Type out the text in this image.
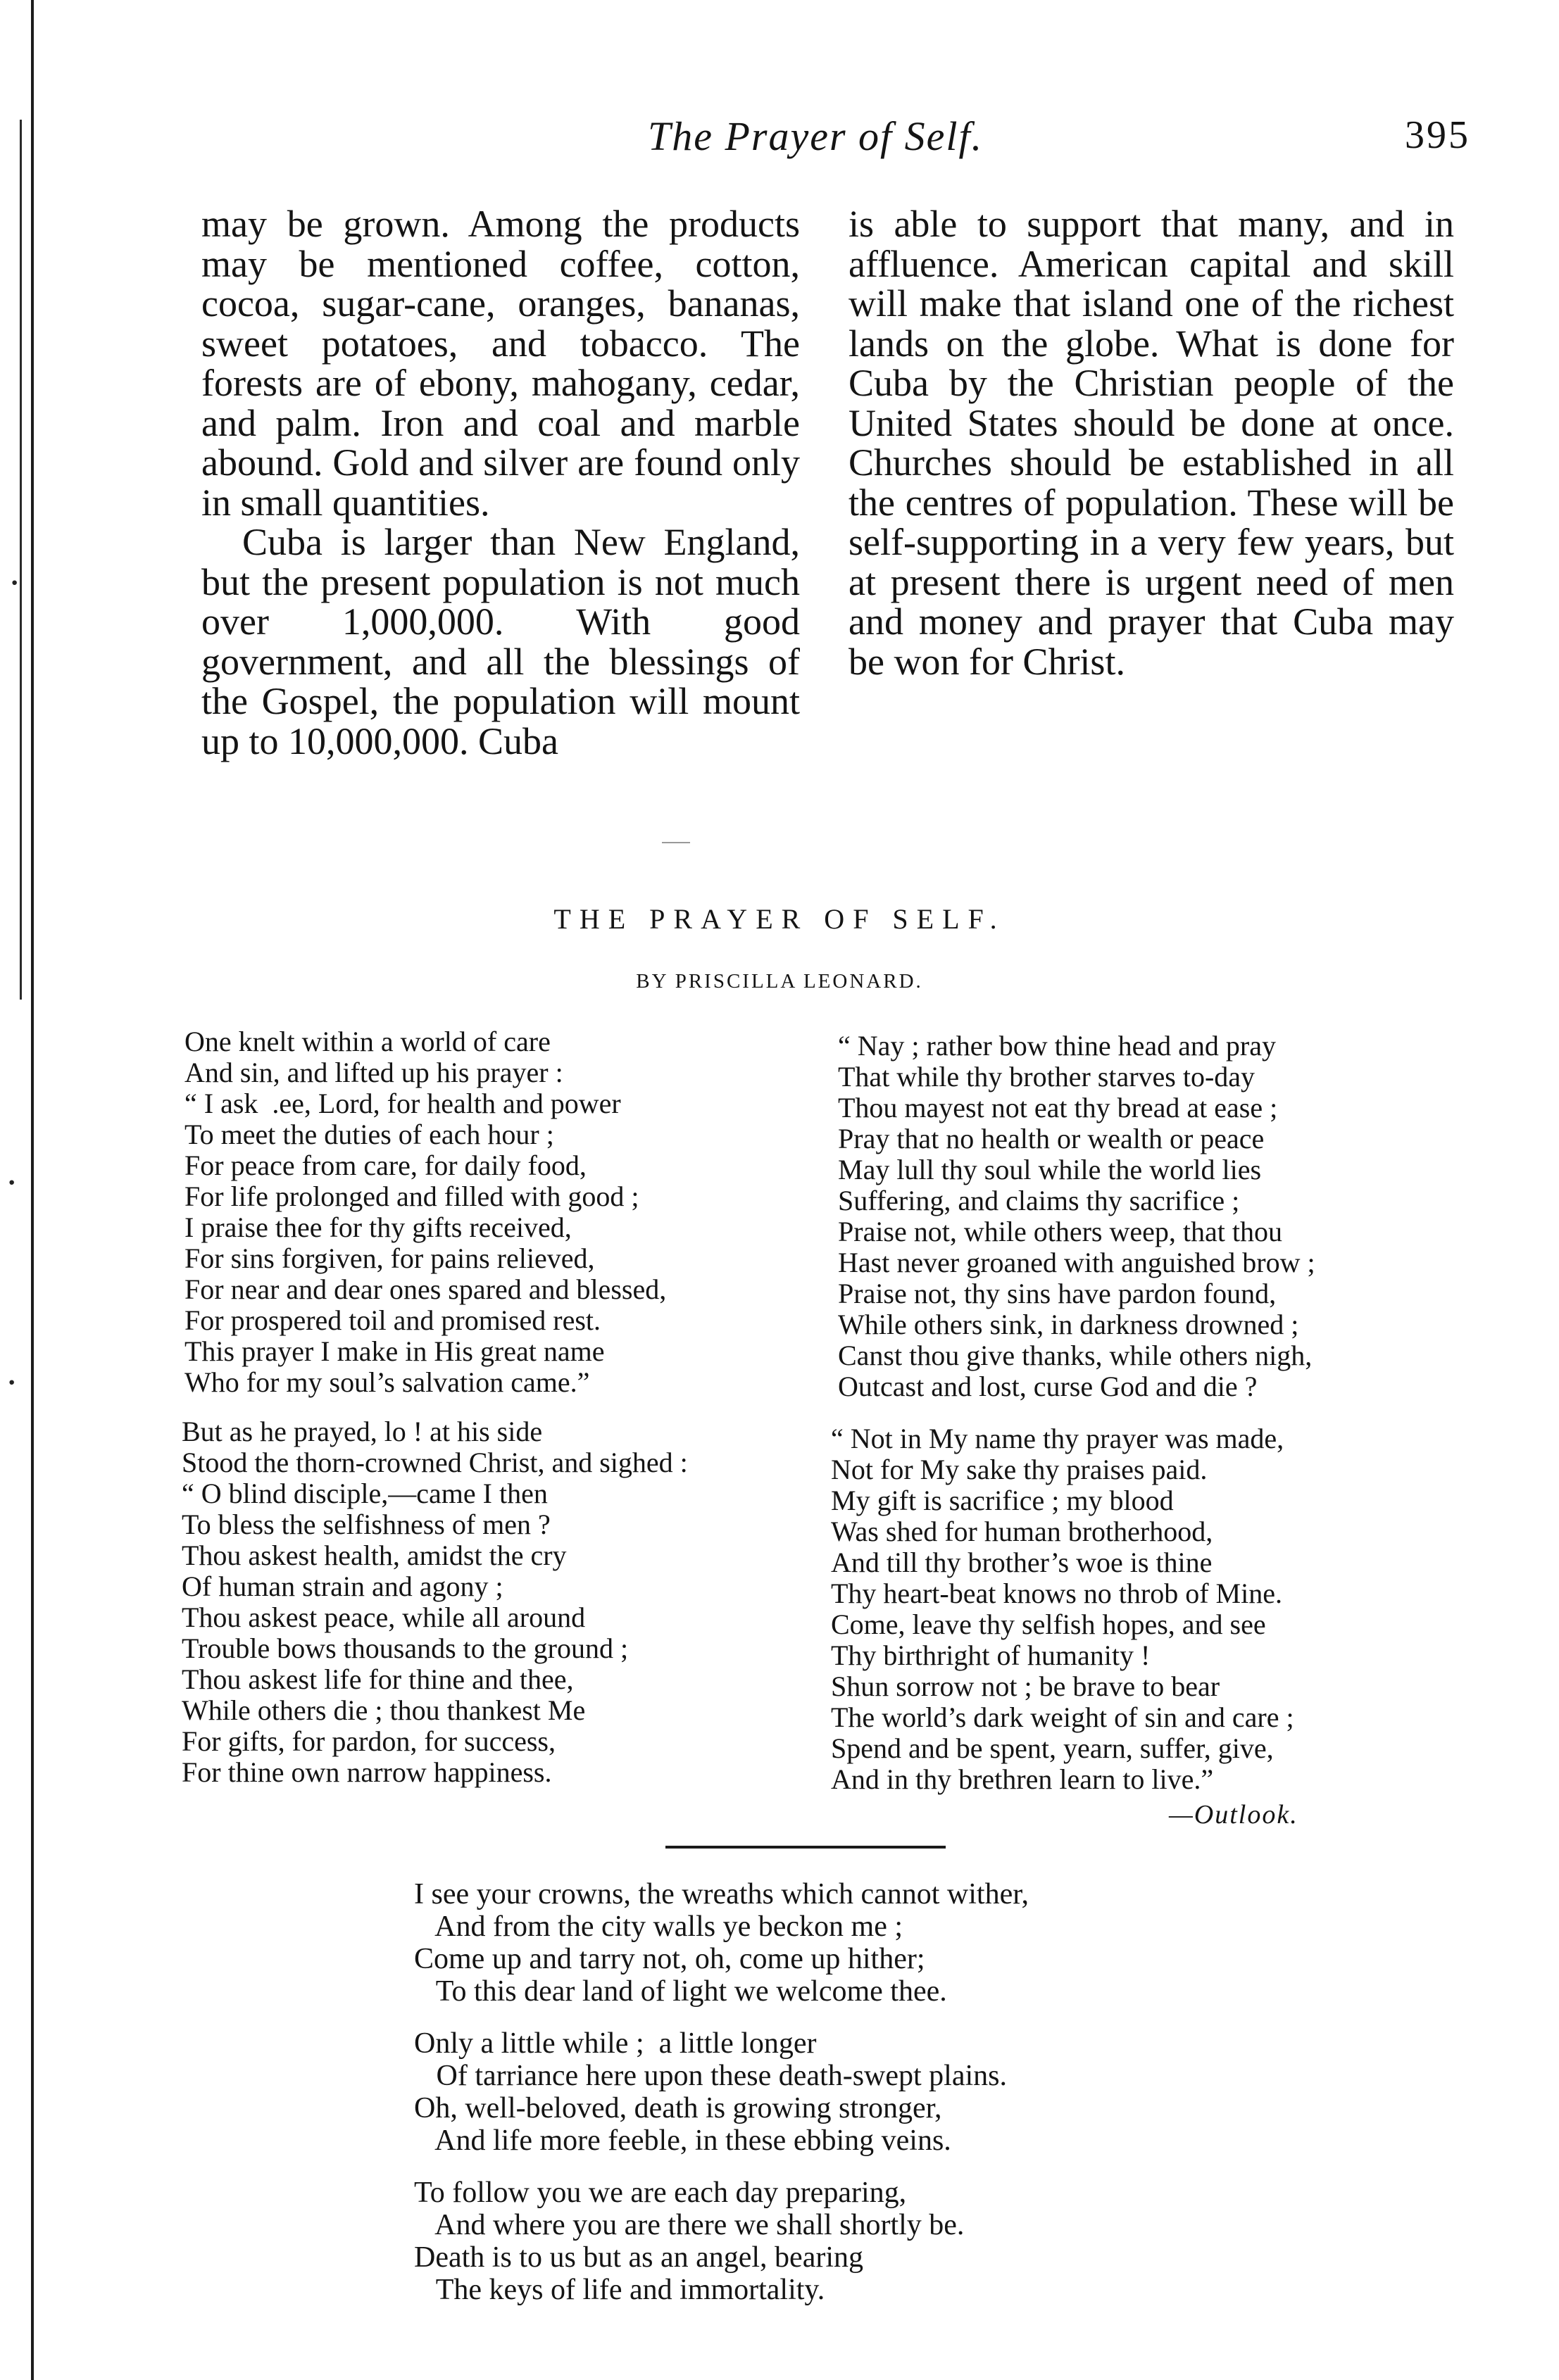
·
·
·
The Prayer of Self.	395

may be grown. Among the products may be mentioned coffee, cotton, cocoa, sugar-cane, oranges, bananas, sweet potatoes, and tobacco. The forests are of ebony, mahogany, cedar, and palm. Iron and coal and marble abound. Gold and silver are found only in small quantities.

Cuba is larger than New England, but the present population is not much over 1,000,000. With good government, and all the blessings of the Gospel, the population will mount up to 10,000,000. Cuba

is able to support that many, and in affluence. American capital and skill will make that island one of the richest lands on the globe. What is done for Cuba by the Christian people of the United States should be done at once. Churches should be established in all the centres of population. These will be self-supporting in a very few years, but at present there is urgent need of men and money and prayer that Cuba may be won for Christ.

THE PRAYER OF SELF.
BY PRISCILLA LEONARD.
One knelt within a world of care
And sin, and lifted up his prayer :
“ I ask  .ee, Lord, for health and power
To meet the duties of each hour ;
For peace from care, for daily food,
For life prolonged and filled with good ;
I praise thee for thy gifts received,
For sins forgiven, for pains relieved,
For near and dear ones spared and blessed,
For prospered toil and promised rest.
This prayer I make in His great name
Who for my soul’s salvation came.”
But as he prayed, lo ! at his side
Stood the thorn-crowned Christ, and sighed :
“ O blind disciple,—came I then
To bless the selfishness of men ?
Thou askest health, amidst the cry
Of human strain and agony ;
Thou askest peace, while all around
Trouble bows thousands to the ground ;
Thou askest life for thine and thee,
While others die ; thou thankest Me
For gifts, for pardon, for success,
For thine own narrow happiness.
“ Nay ; rather bow thine head and pray
That while thy brother starves to-day
Thou mayest not eat thy bread at ease ;
Pray that no health or wealth or peace
May lull thy soul while the world lies
Suffering, and claims thy sacrifice ;
Praise not, while others weep, that thou
Hast never groaned with anguished brow ;
Praise not, thy sins have pardon found,
While others sink, in darkness drowned ;
Canst thou give thanks, while others nigh,
Outcast and lost, curse God and die ?
“ Not in My name thy prayer was made,
Not for My sake thy praises paid.
My gift is sacrifice ; my blood
Was shed for human brotherhood,
And till thy brother’s woe is thine
Thy heart-beat knows no throb of Mine.
Come, leave thy selfish hopes, and see
Thy birthright of humanity !
Shun sorrow not ; be brave to bear
The world’s dark weight of sin and care ;
Spend and be spent, yearn, suffer, give,
And in thy brethren learn to live.”
—Outlook.
I see your crowns, the wreaths which cannot wither,
And from the city walls ye beckon me ;
Come up and tarry not, oh, come up hither;
To this dear land of light we welcome thee.
Only a little while ;  a little longer
Of tarriance here upon these death-swept plains.
Oh, well-beloved, death is growing stronger,
And life more feeble, in these ebbing veins.
To follow you we are each day preparing,
And where you are there we shall shortly be.
Death is to us but as an angel, bearing
The keys of life and immortality.
